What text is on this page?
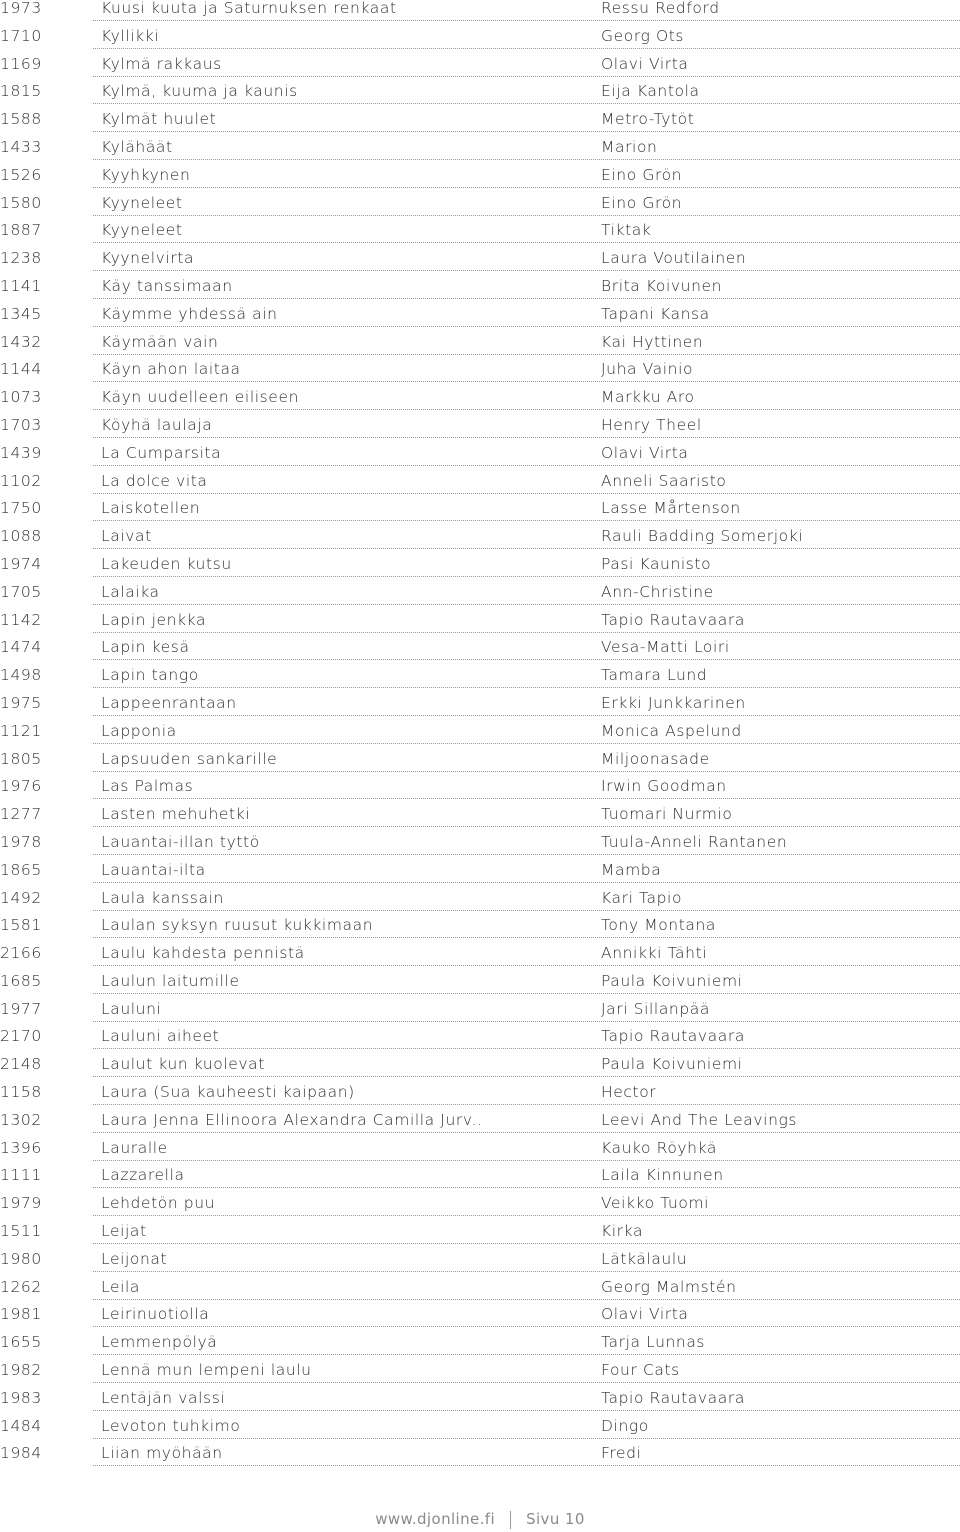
1973	Kuusi kuuta ja Saturnuksen renkaat	Ressu Redford
1710	Kyllikki	Georg Ots
1169	Kylmä rakkaus	Olavi Virta
1815	Kylmä, kuuma ja kaunis	Eija Kantola
1588	Kylmät huulet	Metro-Tytöt
1433	Kylähäät	Marion
1526	Kyyhkynen	Eino Grön
1580	Kyyneleet	Eino Grön
1887	Kyyneleet	Tiktak
1238	Kyynelvirta	Laura Voutilainen
1141	Käy tanssimaan	Brita Koivunen
1345	Käymme yhdessä ain	Tapani Kansa
1432	Käymään vain	Kai Hyttinen
1144	Käyn ahon laitaa	Juha Vainio
1073	Käyn uudelleen eiliseen	Markku Aro
1703	Köyhä laulaja	Henry Theel
1439	La Cumparsita	Olavi Virta
1102	La dolce vita	Anneli Saaristo
1750	Laiskotellen	Lasse Mårtenson
1088	Laivat	Rauli Badding Somerjoki
1974	Lakeuden kutsu	Pasi Kaunisto
1705	Lalaika	Ann-Christine
1142	Lapin jenkka	Tapio Rautavaara
1474	Lapin kesä	Vesa-Matti Loiri
1498	Lapin tango	Tamara Lund
1975	Lappeenrantaan	Erkki Junkkarinen
1121	Lapponia	Monica Aspelund
1805	Lapsuuden sankarille	Miljoonasade
1976	Las Palmas	Irwin Goodman
1277	Lasten mehuhetki	Tuomari Nurmio
1978	Lauantai-illan tyttö	Tuula-Anneli Rantanen
1865	Lauantai-ilta	Mamba
1492	Laula kanssain	Kari Tapio
1581	Laulan syksyn ruusut kukkimaan	Tony Montana
2166	Laulu kahdesta pennistä	Annikki Tähti
1685	Laulun laitumille	Paula Koivuniemi
1977	Lauluni	Jari Sillanpää
2170	Lauluni aiheet	Tapio Rautavaara
2148	Laulut kun kuolevat	Paula Koivuniemi
1158	Laura (Sua kauheesti kaipaan)	Hector
1302	Laura Jenna Ellinoora Alexandra Camilla Jurv..	Leevi And The Leavings
1396	Lauralle	Kauko Röyhkä
1111	Lazzarella	Laila Kinnunen
1979	Lehdetön puu	Veikko Tuomi
1511	Leijat	Kirka
1980	Leijonat	Lätkälaulu
1262	Leila	Georg Malmstén
1981	Leirinuotiolla	Olavi Virta
1655	Lemmenpölyä	Tarja Lunnas
1982	Lennä mun lempeni laulu	Four Cats
1983	Lentäjän valssi	Tapio Rautavaara
1484	Levoton tuhkimo	Dingo
1984	Liian myöhään	Fredi
www.djonline.fi Sivu 10
